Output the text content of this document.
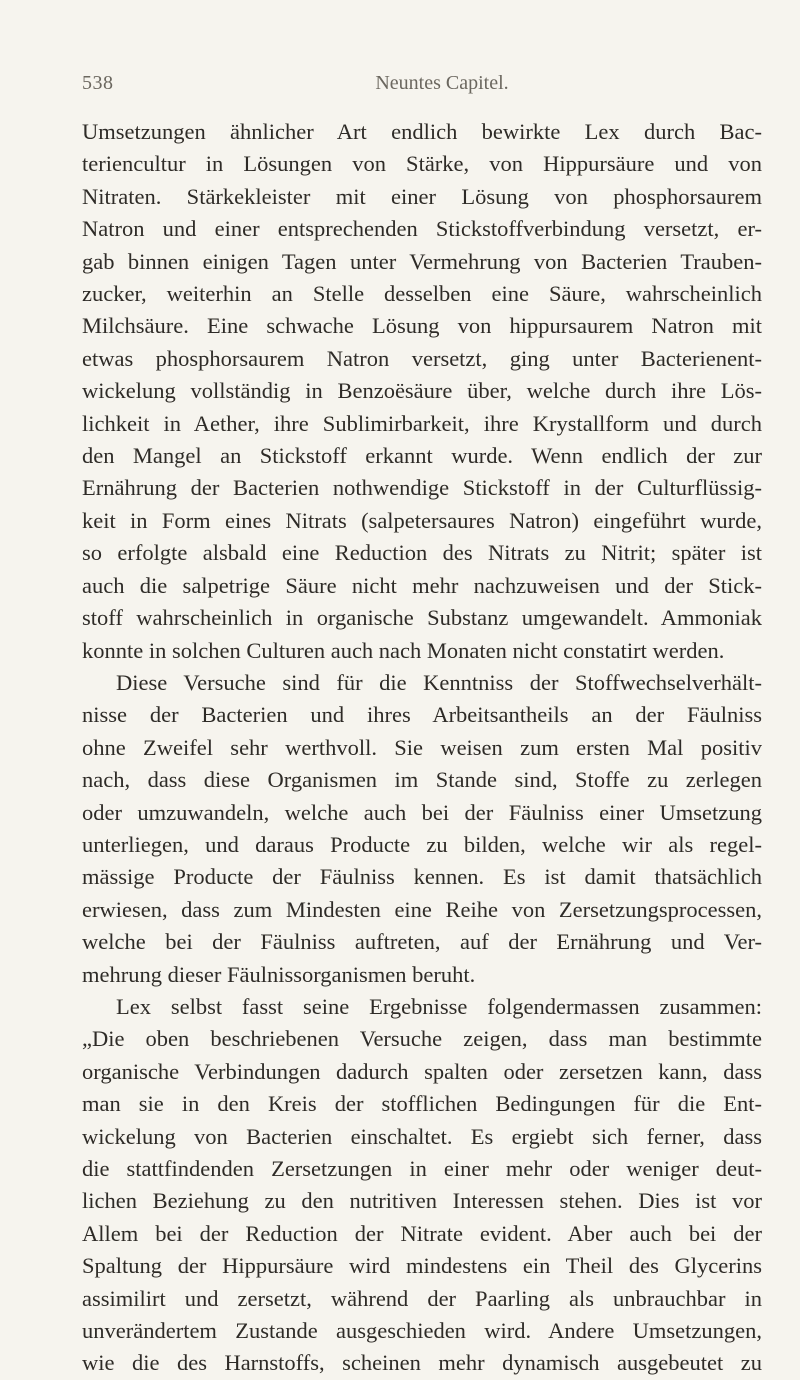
538	Neuntes Capitel.
Umsetzungen ähnlicher Art endlich bewirkte Lex durch Bac-
teriencultur in Lösungen von Stärke, von Hippursäure und von
Nitraten. Stärkekleister mit einer Lösung von phosphorsaurem
Natron und einer entsprechenden Stickstoffverbindung versetzt, er-
gab binnen einigen Tagen unter Vermehrung von Bacterien Trauben-
zucker, weiterhin an Stelle desselben eine Säure, wahrscheinlich
Milchsäure. Eine schwache Lösung von hippursaurem Natron mit
etwas phosphorsaurem Natron versetzt, ging unter Bacterienent-
wickelung vollständig in Benzoësäure über, welche durch ihre Lös-
lichkeit in Aether, ihre Sublimirbarkeit, ihre Krystallform und durch
den Mangel an Stickstoff erkannt wurde. Wenn endlich der zur
Ernährung der Bacterien nothwendige Stickstoff in der Culturflüssig-
keit in Form eines Nitrats (salpetersaures Natron) eingeführt wurde,
so erfolgte alsbald eine Reduction des Nitrats zu Nitrit; später ist
auch die salpetrige Säure nicht mehr nachzuweisen und der Stick-
stoff wahrscheinlich in organische Substanz umgewandelt. Ammoniak
konnte in solchen Culturen auch nach Monaten nicht constatirt werden.
Diese Versuche sind für die Kenntniss der Stoffwechselverhält-
nisse der Bacterien und ihres Arbeitsantheils an der Fäulniss
ohne Zweifel sehr werthvoll. Sie weisen zum ersten Mal positiv
nach, dass diese Organismen im Stande sind, Stoffe zu zerlegen
oder umzuwandeln, welche auch bei der Fäulniss einer Umsetzung
unterliegen, und daraus Producte zu bilden, welche wir als regel-
mässige Producte der Fäulniss kennen. Es ist damit thatsächlich
erwiesen, dass zum Mindesten eine Reihe von Zersetzungsprocessen,
welche bei der Fäulniss auftreten, auf der Ernährung und Ver-
mehrung dieser Fäulnissorganismen beruht.
Lex selbst fasst seine Ergebnisse folgendermassen zusammen:
„Die oben beschriebenen Versuche zeigen, dass man bestimmte
organische Verbindungen dadurch spalten oder zersetzen kann, dass
man sie in den Kreis der stofflichen Bedingungen für die Ent-
wickelung von Bacterien einschaltet. Es ergiebt sich ferner, dass
die stattfindenden Zersetzungen in einer mehr oder weniger deut-
lichen Beziehung zu den nutritiven Interessen stehen. Dies ist vor
Allem bei der Reduction der Nitrate evident. Aber auch bei der
Spaltung der Hippursäure wird mindestens ein Theil des Glycerins
assimilirt und zersetzt, während der Paarling als unbrauchbar in
unverändertem Zustande ausgeschieden wird. Andere Umsetzungen,
wie die des Harnstoffs, scheinen mehr dynamisch ausgebeutet zu
